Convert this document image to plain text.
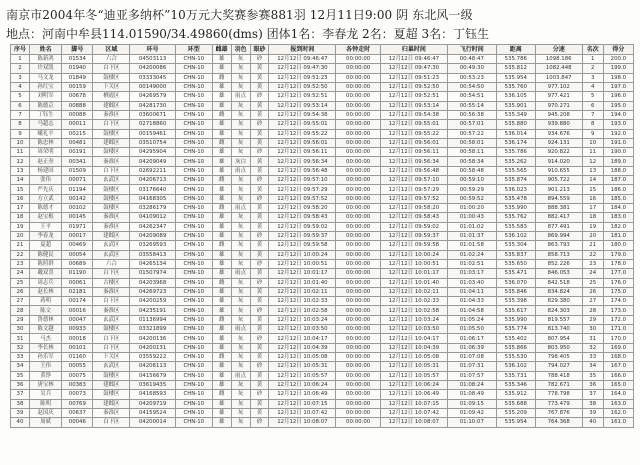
南京市2004年冬“迪亚多纳杯”10万元大奖赛参赛881羽 12月11日9:00 阴 东北风一级
地点：河南中牟县114.01590/34.49860(dms) 团体1名：李春龙 2名：夏超 3名：丁钰生
序号	姓名	脚号	区域	环号	环型	雌雄	羽色	眼砂	报到时间	各钟走时	归巢时间	飞行时间	距离	分速	名次	得分
1	陈新鸿	01534	六合	04503113	CHN-10	雄	灰	砂	12月12日 09:46:47	00:00:00	12月12日 09:46:47	00:48:47	535.786	1098.186	1	200.0
2	许双凯	01940	白下区	04200086	CHN-10	雄	灰	黄	12月12日 09:47:30	00:00:00	12月12日 09:47:30	00:49:30	535.812	1082.448	2	199.0
3	马文龙	01849	鼓楼区	03333045	CHN-10	雌	灰	黄	12月12日 09:51:23	00:00:00	12月12日 09:51:23	00:53:23	535.954	1003.847	3	198.0
4	孙红宝	00159	下关区	00149000	CHN-10	雄	灰	黄	12月12日 09:52:50	00:00:00	12月12日 09:52:50	00:54:50	535.760	977.102	4	197.0
5	刘明军	00678	栖霞区	04269579	CHN-10	雄	雨点	砂	12月12日 09:52:51	00:00:00	12月12日 09:52:51	00:54:51	536.105	977.421	5	196.0
6	陈德京	00888	建邺区	04281730	CHN-10	雄	灰	黄	12月12日 09:53:14	00:00:00	12月12日 09:53:14	00:55:14	535.901	970.271	6	195.0
7	丁钰生	00088	秦淮区	03600671	CHN-10	雌	灰	黄	12月12日 09:54:38	00:00:00	12月12日 09:54:38	00:56:38	535.349	945.208	7	194.0
8	马超志	00011	白下区	02718860	CHN-10	雄	灰	砂	12月12日 09:55:01	00:00:00	12月12日 09:55:01	00:57:01	535.880	939.880	8	193.0
9	曦礼平	00215	鼓楼区	00159461	CHN-10	雄	灰	黄	12月12日 09:55:22	00:00:00	12月12日 09:55:22	00:57:22	536.014	934.676	9	192.0
10	陈忠林	00481	建邺区	03510754	CHN-10	雌	灰	黄	12月12日 09:56:01	00:00:00	12月12日 09:56:01	00:58:01	536.174	924.131	10	191.0
11	周荣明	00191	鼓楼区	04295904	CHN-10	雄	灰	砂	12月12日 09:56:11	00:00:00	12月12日 09:56:11	00:58:11	535.786	920.822	11	190.0
12	赵正焘	00341	秦淮区	04209049	CHN-10	雄	灰白	黄	12月12日 09:56:34	00:00:00	12月12日 09:56:34	00:58:34	535.262	914.020	12	189.0
13	杨建国	01509	白下区	02692211	CHN-10	雄	雨点	黄	12月12日 09:56:48	00:00:00	12月12日 09:56:48	00:58:48	535.565	910.655	13	188.0
14	张伟	00071	玄武区	04206713	CHN-10	雌	灰	砂	12月12日 09:57:10	00:00:00	12月12日 09:57:10	00:59:10	535.874	905.722	14	187.0
15	严先庆	01194	鼓楼区	03176640	CHN-10	雄	灰	黄	12月12日 09:57:29	00:00:00	12月12日 09:57:29	00:59:29	536.023	901.213	15	186.0
16	方立武	00142	鼓楼区	04168305	CHN-10	雄	灰	砂	12月12日 09:57:52	00:00:00	12月12日 09:57:52	00:59:52	535.478	894.559	16	185.0
17	陈德才	00102	鼓楼区	03286179	CHN-10	雌	雨点	黄	12月12日 09:58:20	00:00:00	12月12日 09:58:20	01:00:20	535.990	888.381	17	184.0
18	赵宝根	00145	秦淮区	04109012	CHN-10	雄	灰	黄	12月12日 09:58:43	00:00:00	12月12日 09:58:43	01:00:43	535.762	882.417	18	183.0
19	王平	01971	秦淮区	04262347	CHN-10	雄	灰	黄	12月12日 09:59:02	00:00:00	12月12日 09:59:02	01:01:02	535.583	877.491	19	182.0
20	李春龙	00017	建邺区	04209089	CHN-10	雄	灰	砂	12月12日 09:59:37	00:00:00	12月12日 09:59:37	01:01:37	536.102	869.994	20	181.0
21	夏超	00469	玄武区	03269593	CHN-10	雌	灰	黄	12月12日 09:59:58	00:00:00	12月12日 09:59:58	01:01:58	535.304	863.793	21	180.0
22	陈健民	00054	玄武区	03558413	CHN-10	雄	灰	黄	12月12日 10:00:24	00:00:00	12月12日 10:00:24	01:02:24	535.837	858.713	22	179.0
23	陈照群	00689	六合	04265134	CHN-10	雄	灰	砂	12月12日 10:00:51	00:00:00	12月12日 10:00:51	01:02:51	535.650	852.226	23	178.0
24	戴双喜	01190	白下区	01507974	CHN-10	雄	雨点	黄	12月12日 10:01:17	00:00:00	12月12日 10:01:17	01:03:17	535.471	846.053	24	177.0
25	周志兵	00061	古楼区	04203968	CHN-10	雌	灰	砂	12月12日 10:01:40	00:00:00	12月12日 10:01:40	01:03:40	536.070	842.518	25	176.0
26	赵长林	02181	秦淮区	04269723	CHN-10	雄	灰	黄	12月12日 10:02:11	00:00:00	12月12日 10:02:11	01:04:11	535.846	834.824	26	175.0
27	蒋明	00174	白下区	04200259	CHN-10	雄	灰	黄	12月12日 10:02:33	00:00:00	12月12日 10:02:33	01:04:33	535.398	829.380	27	174.0
28	陈文	00016	秦淮区	04235191	CHN-10	雄	灰	砂	12月12日 10:02:58	00:00:00	12月12日 10:02:58	01:04:58	535.617	824.303	28	173.0
29	鲁德林	00047	玄武区	01136994	CHN-10	雌	灰	黄	12月12日 10:03:24	00:00:00	12月12日 10:03:24	01:05:24	535.990	819.557	29	172.0
30	陈文越	00933	鼓楼区	03321899	CHN-10	雄	雨点	黄	12月12日 10:03:50	00:00:00	12月12日 10:03:50	01:05:50	535.774	813.740	30	171.0
31	马杰	00018	白下区	04200136	CHN-10	雄	灰	砂	12月12日 10:04:17	00:00:00	12月12日 10:04:17	01:06:17	535.402	807.954	31	170.0
32	李长林	00101	白下区	04200131	CHN-10	雄	灰	黄	12月12日 10:04:39	00:00:00	12月12日 10:04:39	01:06:39	535.866	803.950	32	169.0
33	孙乐军	01160	下关区	03559222	CHN-10	雌	灰	黄	12月12日 10:05:08	00:00:00	12月12日 10:05:08	01:07:08	535.530	798.405	33	168.0
34	王伟	00055	玄武区	04206113	CHN-10	雄	灰	砂	12月12日 10:05:31	00:00:00	12月12日 10:05:31	01:07:31	536.102	794.027	34	167.0
35	黄铮	00075	鼓楼区	04156679	CHN-10	雄	雨点	黄	12月12日 10:05:57	00:00:00	12月12日 10:05:57	01:07:57	535.731	788.418	35	166.0
36	唐宝林	00383	建邺区	03619435	CHN-10	雄	灰	黄	12月12日 10:06:24	00:00:00	12月12日 10:06:24	01:08:24	535.346	782.671	36	165.0
37	吴兵	00073	鼓楼区	04168593	CHN-10	雌	灰	砂	12月12日 10:06:49	00:00:00	12月12日 10:06:49	01:08:49	535.912	778.798	37	164.0
38	陈明	00769	建邺区	04209719	CHN-10	雄	灰	黄	12月12日 10:07:15	00:00:00	12月12日 10:07:15	01:09:15	535.688	773.479	38	163.0
39	赵国庆	00637	秦淮区	04159524	CHN-10	雄	灰	黄	12月12日 10:07:42	00:00:00	12月12日 10:07:42	01:09:42	535.209	767.876	39	162.0
40	周斌	00046	白下区	04200014	CHN-10	雄	灰	砂	12月12日 10:08:07	00:00:00	12月12日 10:08:07	01:10:07	535.954	764.368	40	161.0
